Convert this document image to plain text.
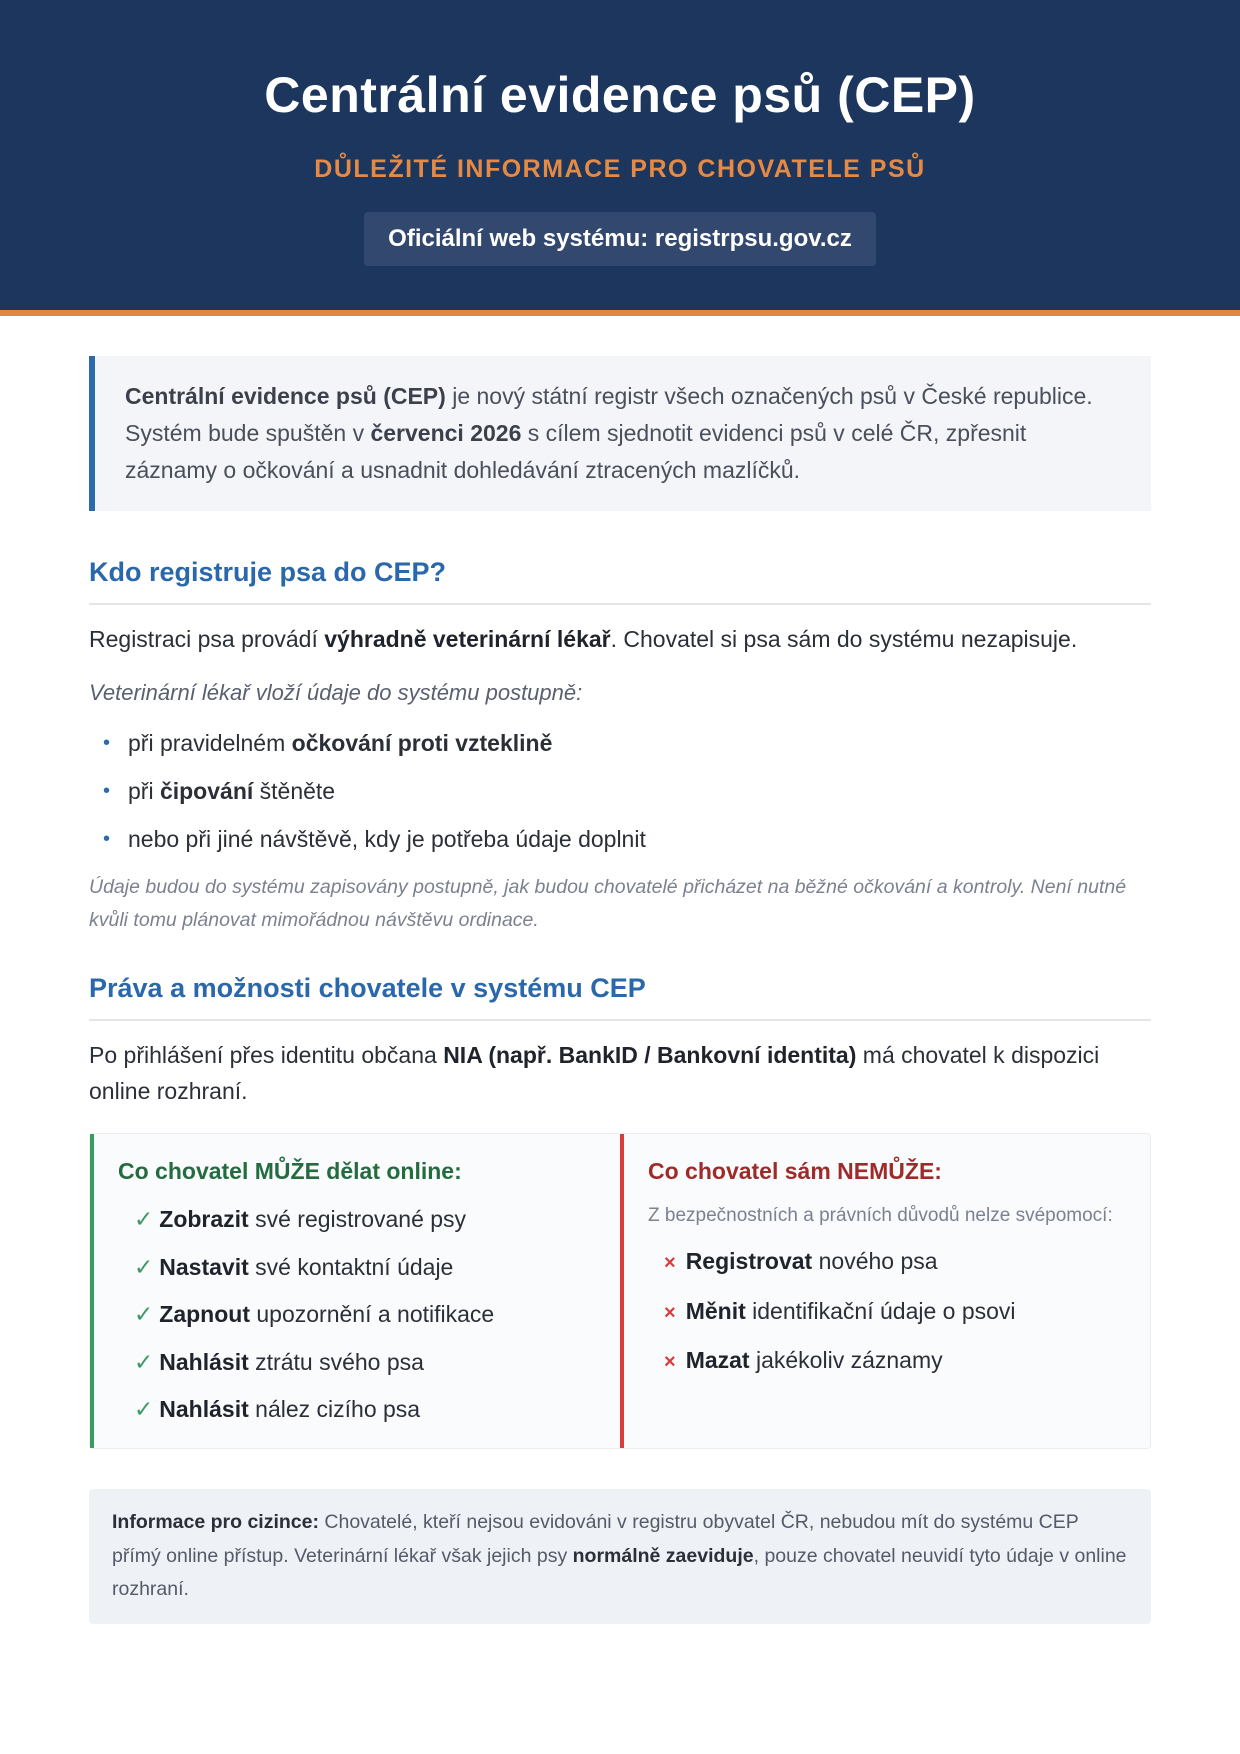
Centrální evidence psů (CEP)
DŮLEŽITÉ INFORMACE PRO CHOVATELE PSŮ
Oficiální web systému: registrpsu.gov.cz
Centrální evidence psů (CEP) je nový státní registr všech označených psů v České republice. Systém bude spuštěn v červenci 2026 s cílem sjednotit evidenci psů v celé ČR, zpřesnit záznamy o očkování a usnadnit dohledávání ztracených mazlíčků.
Kdo registruje psa do CEP?
Registraci psa provádí výhradně veterinární lékař. Chovatel si psa sám do systému nezapisuje.
Veterinární lékař vloží údaje do systému postupně:
• při pravidelném očkování proti vzteklině
• při čipování štěněte
• nebo při jiné návštěvě, kdy je potřeba údaje doplnit
Údaje budou do systému zapisovány postupně, jak budou chovatelé přicházet na běžné očkování a kontroly. Není nutné kvůli tomu plánovat mimořádnou návštěvu ordinace.
Práva a možnosti chovatele v systému CEP
Po přihlášení přes identitu občana NIA (např. BankID / Bankovní identita) má chovatel k dispozici online rozhraní.
Co chovatel MŮŽE dělat online:
✓ Zobrazit své registrované psy
✓ Nastavit své kontaktní údaje
✓ Zapnout upozornění a notifikace
✓ Nahlásit ztrátu svého psa
✓ Nahlásit nález cizího psa
Co chovatel sám NEMŮŽE:
Z bezpečnostních a právních důvodů nelze svépomocí:
× Registrovat nového psa
× Měnit identifikační údaje o psovi
× Mazat jakékoliv záznamy
Informace pro cizince: Chovatelé, kteří nejsou evidováni v registru obyvatel ČR, nebudou mít do systému CEP přímý online přístup. Veterinární lékař však jejich psy normálně zaeviduje, pouze chovatel neuvidí tyto údaje v online rozhraní.
